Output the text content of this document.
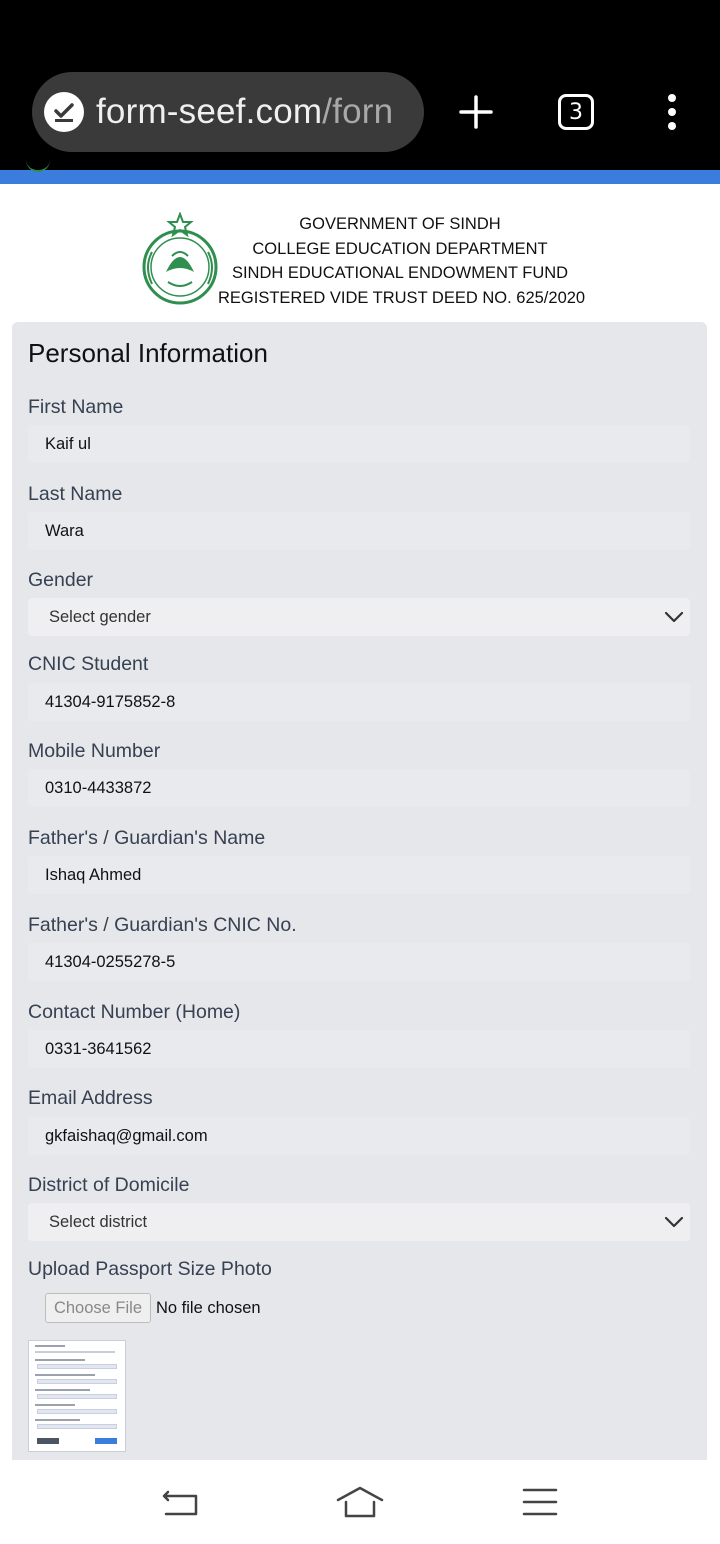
form-seef.com/forn	3
GOVERNMENT OF SINDH
COLLEGE EDUCATION DEPARTMENT
SINDH EDUCATIONAL ENDOWMENT FUND
REGISTERED VIDE TRUST DEED NO. 625/2020
Personal Information
First Name
Kaif ul
Last Name
Wara
Gender
Select gender
CNIC Student
41304-9175852-8
Mobile Number
0310-4433872
Father's / Guardian's Name
Ishaq Ahmed
Father's / Guardian's CNIC No.
41304-0255278-5
Contact Number (Home)
0331-3641562
Email Address
gkfaishaq@gmail.com
District of Domicile
Select district
Upload Passport Size Photo
Choose File No file chosen
